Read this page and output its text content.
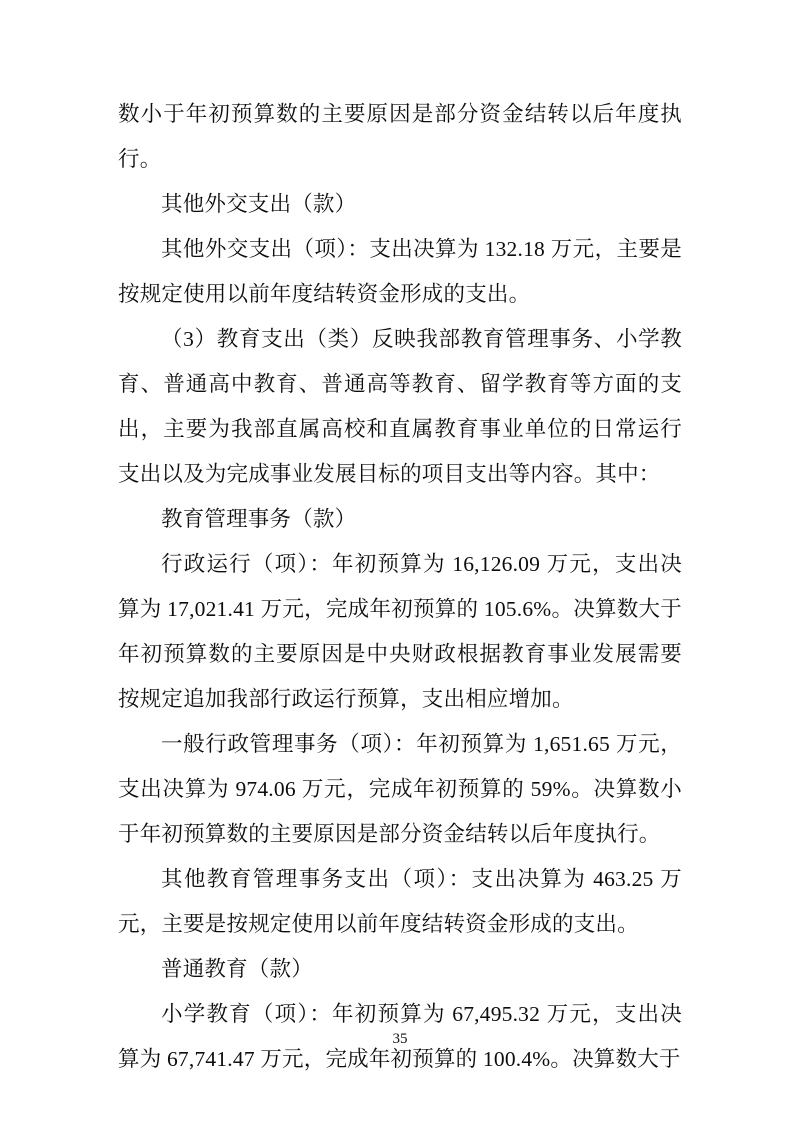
数小于年初预算数的主要原因是部分资金结转以后年度执行。

其他外交支出（款）

其他外交支出（项）：支出决算为 132.18 万元，主要是按规定使用以前年度结转资金形成的支出。

（3）教育支出（类）反映我部教育管理事务、小学教育、普通高中教育、普通高等教育、留学教育等方面的支出，主要为我部直属高校和直属教育事业单位的日常运行支出以及为完成事业发展目标的项目支出等内容。其中：

教育管理事务（款）

行政运行（项）：年初预算为 16,126.09 万元，支出决算为 17,021.41 万元，完成年初预算的 105.6%。决算数大于年初预算数的主要原因是中央财政根据教育事业发展需要按规定追加我部行政运行预算，支出相应增加。

一般行政管理事务（项）：年初预算为 1,651.65 万元，支出决算为 974.06 万元，完成年初预算的 59%。决算数小于年初预算数的主要原因是部分资金结转以后年度执行。

其他教育管理事务支出（项）：支出决算为 463.25 万元，主要是按规定使用以前年度结转资金形成的支出。

普通教育（款）

小学教育（项）：年初预算为 67,495.32 万元，支出决算为 67,741.47 万元，完成年初预算的 100.4%。决算数大于

35
